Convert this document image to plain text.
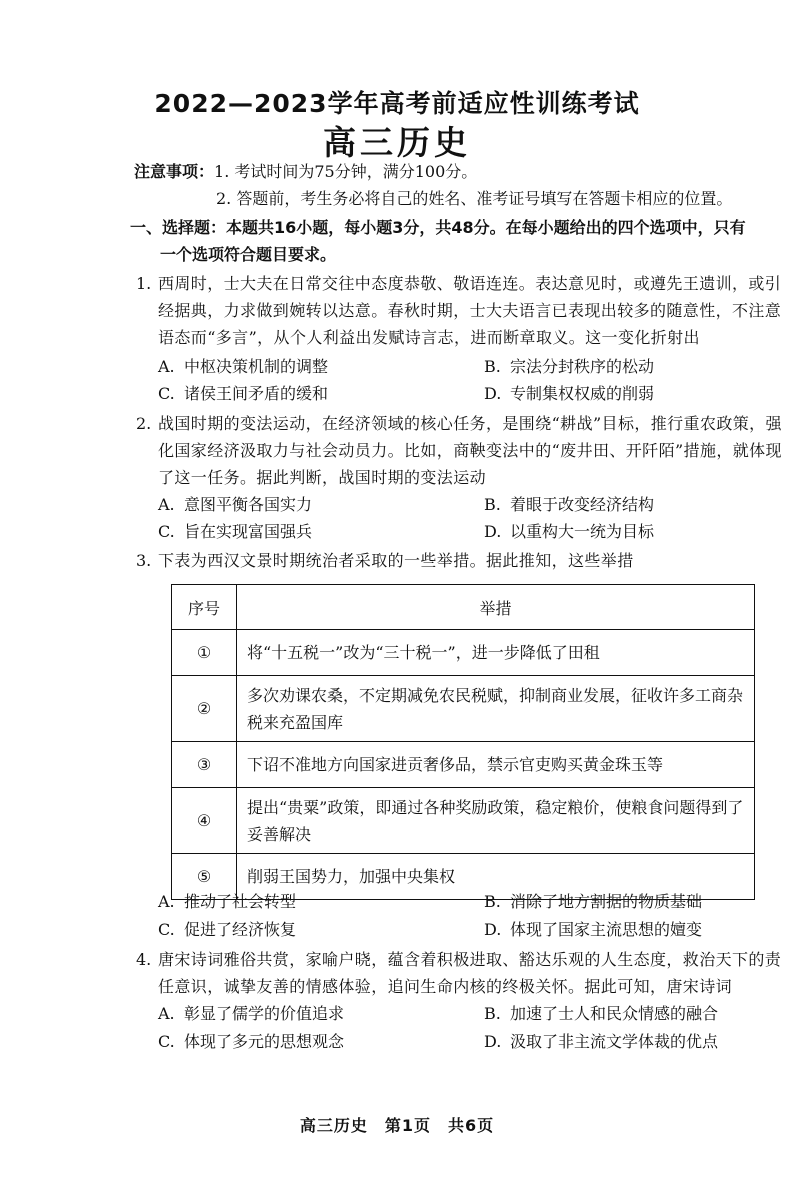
2022—2023学年高考前适应性训练考试
高三历史
注意事项：1. 考试时间为75分钟，满分100分。
2. 答题前，考生务必将自己的姓名、准考证号填写在答题卡相应的位置。
一、选择题：本题共16小题，每小题3分，共48分。在每小题给出的四个选项中，只有
一个选项符合题目要求。
1. 西周时，士大夫在日常交往中态度恭敬、敬语连连。表达意见时，或遵先王遗训，或引经据典，力求做到婉转以达意。春秋时期，士大夫语言已表现出较多的随意性，不注意语态而“多言”，从个人利益出发赋诗言志，进而断章取义。这一变化折射出
A. 中枢决策机制的调整	B. 宗法分封秩序的松动
C. 诸侯王间矛盾的缓和	D. 专制集权权威的削弱
2. 战国时期的变法运动，在经济领域的核心任务，是围绕“耕战”目标，推行重农政策，强化国家经济汲取力与社会动员力。比如，商鞅变法中的“废井田、开阡陌”措施，就体现了这一任务。据此判断，战国时期的变法运动
A. 意图平衡各国实力	B. 着眼于改变经济结构
C. 旨在实现富国强兵	D. 以重构大一统为目标
3. 下表为西汉文景时期统治者采取的一些举措。据此推知，这些举措
序号	举措
①	将“十五税一”改为“三十税一”，进一步降低了田租
②	多次劝课农桑，不定期减免农民税赋，抑制商业发展，征收许多工商杂税来充盈国库
③	下诏不准地方向国家进贡奢侈品，禁示官吏购买黄金珠玉等
④	提出“贵粟”政策，即通过各种奖励政策，稳定粮价，使粮食问题得到了妥善解决
⑤	削弱王国势力，加强中央集权
A. 推动了社会转型	B. 消除了地方割据的物质基础
C. 促进了经济恢复	D. 体现了国家主流思想的嬗变
4. 唐宋诗词雅俗共赏，家喻户晓，蕴含着积极进取、豁达乐观的人生态度，救治天下的责任意识，诚挚友善的情感体验，追问生命内核的终极关怀。据此可知，唐宋诗词
A. 彰显了儒学的价值追求	B. 加速了士人和民众情感的融合
C. 体现了多元的思想观念	D. 汲取了非主流文学体裁的优点
高三历史　第1页　共6页
